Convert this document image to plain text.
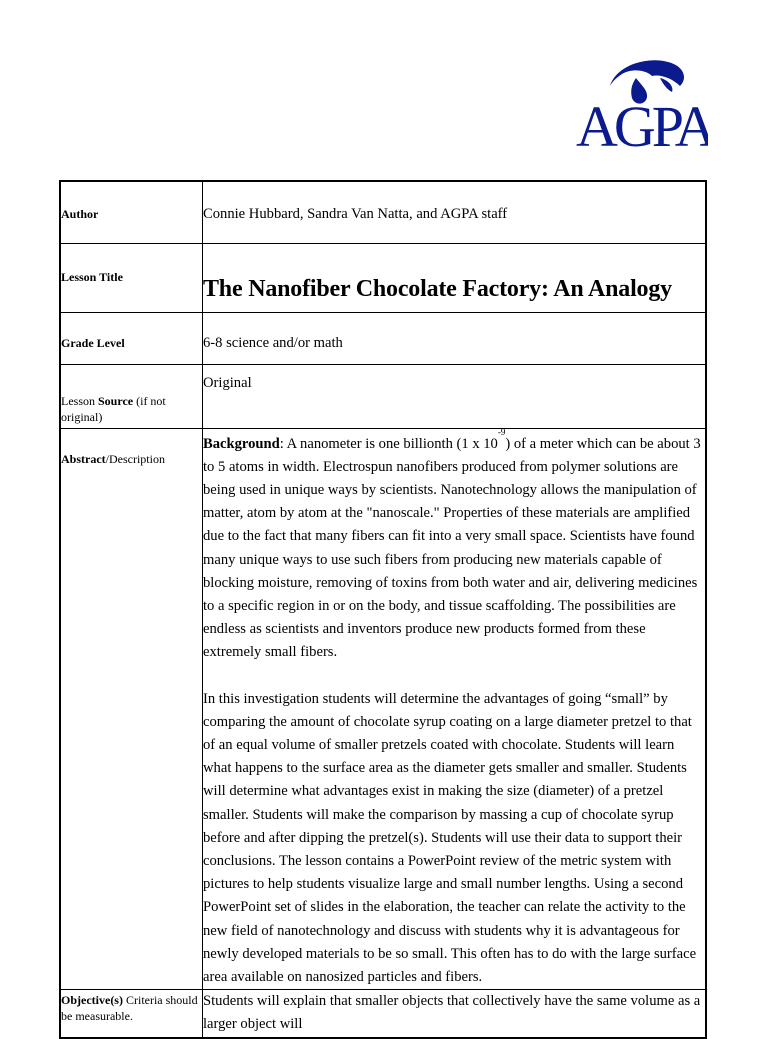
AGPA
Author	Connie Hubbard, Sandra Van Natta, and AGPA staff

Lesson Title	The Nanofiber Chocolate Factory: An Analogy

Grade Level	6-8 science and/or math

Lesson Source (if not original)	Original

Abstract/Description	Background: A nanometer is one billionth (1 x $10^{-9}$) of a meter which can be about 3 to 5 atoms in width. Electrospun nanofibers produced from polymer solutions are being used in unique ways by scientists. Nanotechnology allows the manipulation of matter, atom by atom at the "nanoscale." Properties of these materials are amplified due to the fact that many fibers can fit into a very small space. Scientists have found many unique ways to use such fibers from producing new materials capable of blocking moisture, removing of toxins from both water and air, delivering medicines to a specific region in or on the body, and tissue scaffolding. The possibilities are endless as scientists and inventors produce new products formed from these extremely small fibers.

In this investigation students will determine the advantages of going “small” by comparing the amount of chocolate syrup coating on a large diameter pretzel to that of an equal volume of smaller pretzels coated with chocolate. Students will learn what happens to the surface area as the diameter gets smaller and smaller. Students will determine what advantages exist in making the size (diameter) of a pretzel smaller. Students will make the comparison by massing a cup of chocolate syrup before and after dipping the pretzel(s). Students will use their data to support their conclusions. The lesson contains a PowerPoint review of the metric system with pictures to help students visualize large and small number lengths. Using a second PowerPoint set of slides in the elaboration, the teacher can relate the activity to the new field of nanotechnology and discuss with students why it is advantageous for newly developed materials to be so small. This often has to do with the large surface area available on nanosized particles and fibers.

Objective(s) Criteria should be measurable.	Students will explain that smaller objects that collectively have the same volume as a larger object will
